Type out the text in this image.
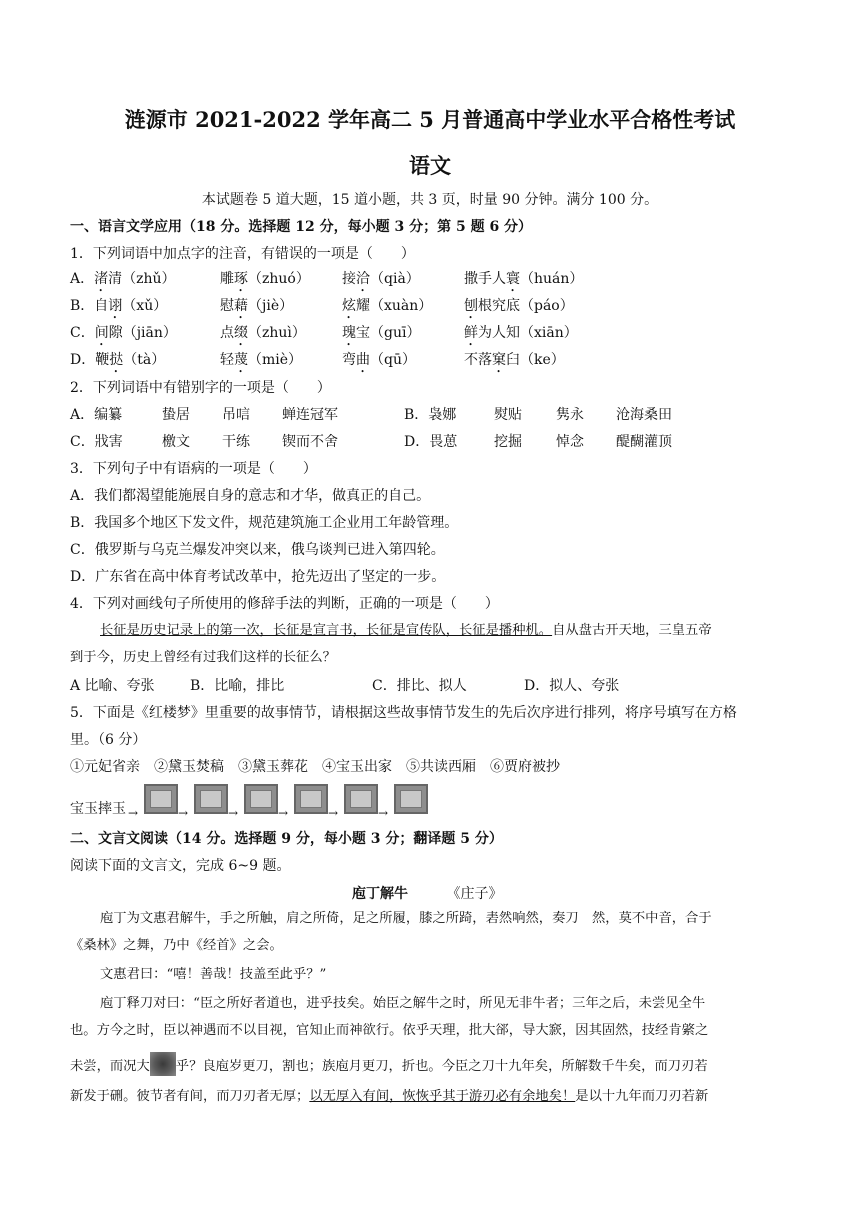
涟源市 2021-2022 学年高二 5 月普通高中学业水平合格性考试
语文
本试题卷 5 道大题，15 道小题，共 3 页，时量 90 分钟。满分 100 分。
一、语言文学应用（18 分。选择题 12 分，每小题 3 分；第 5 题 6 分）
1．下列词语中加点字的注音，有错误的一项是（　　）
A．渚清（zhǔ）	雕琢（zhuó） 接洽（qià）	撒手人寰（huán）
B．自诩（xǔ）	慰藉（jiè）	炫耀（xuàn） 刨根究底（páo）
C．间隙（jiān）	点缀（zhuì）	瑰宝（guī）	鲜为人知（xiān）
D．鞭挞（tà）	轻蔑（miè）	弯曲（qū）	不落窠臼（ke）
2．下列词语中有错别字的一项是（　　）
A．编纂	蛰居 吊唁 蝉连冠军	B．袅娜	熨贴 隽永 沧海桑田
C．戕害	檄文 干练 锲而不舍	D．畏葸	挖掘 悼念 醍醐灌顶
3．下列句子中有语病的一项是（　　）
A．我们都渴望能施展自身的意志和才华，做真正的自己。
B．我国多个地区下发文件，规范建筑施工企业用工年龄管理。
C．俄罗斯与乌克兰爆发冲突以来，俄乌谈判已进入第四轮。
D．广东省在高中体育考试改革中，抢先迈出了坚定的一步。
4．下列对画线句子所使用的修辞手法的判断，正确的一项是（　　）
长征是历史记录上的第一次，长征是宣言书，长征是宣传队，长征是播种机。自从盘古开天地，三皇五帝
到于今，历史上曾经有过我们这样的长征么？
A 比喻、夸张	B．比喻，排比	C．排比、拟人	D．拟人、夸张
5．下面是《红楼梦》里重要的故事情节，请根据这些故事情节发生的先后次序进行排列，将序号填写在方格
里。（6 分）
①元妃省亲　②黛玉焚稿　③黛玉葬花　④宝玉出家　⑤共读西厢　⑥贾府被抄
宝玉摔玉 →	→	→	→	→	→
二、文言文阅读（14 分。选择题 9 分，每小题 3 分；翻译题 5 分）
阅读下面的文言文，完成 6~9 题。
庖丁解牛	《庄子》
庖丁为文惠君解牛，手之所触，肩之所倚，足之所履，膝之所踦，砉然响然，奏刀　然，莫不中音，合于
《桑林》之舞，乃中《经首》之会。
文惠君曰：“嘻！善哉！技盖至此乎？”
庖丁释刀对曰：“臣之所好者道也，进乎技矣。始臣之解牛之时，所见无非牛者；三年之后，未尝见全牛
也。方今之时，臣以神遇而不以目视，官知止而神欲行。依乎天理，批大郤，导大窾，因其固然，技经肯綮之
未尝，而况大 乎？良庖岁更刀，割也；族庖月更刀，折也。今臣之刀十九年矣，所解数千牛矣，而刀刃若
新发于硎。彼节者有间，而刀刃者无厚；以无厚入有间，恢恢乎其于游刃必有余地矣！是以十九年而刀刃若新
